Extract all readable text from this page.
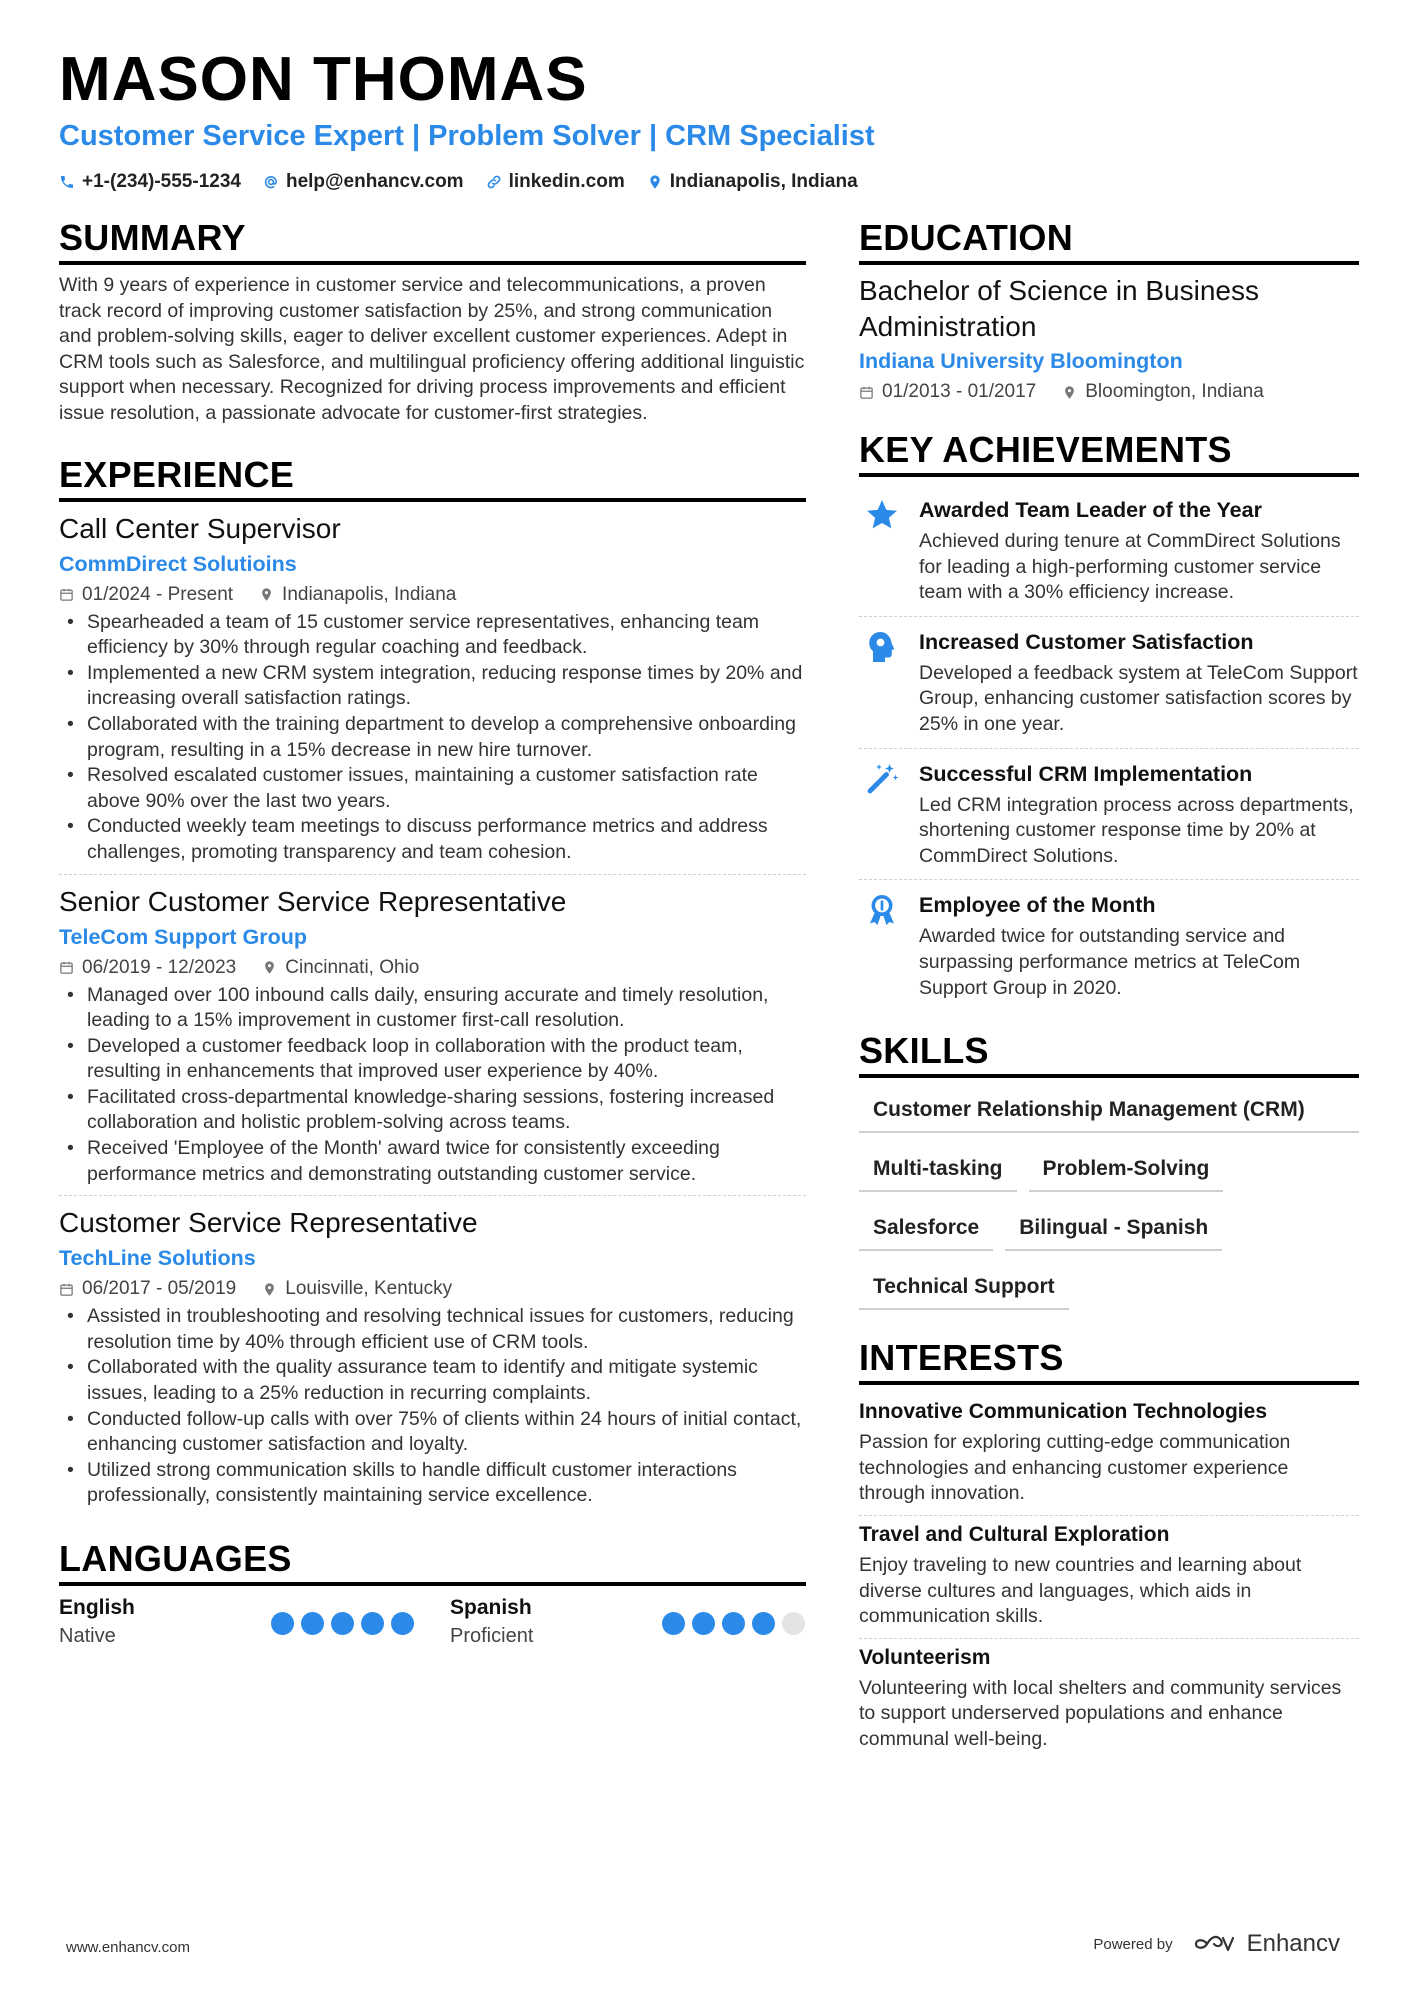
MASON THOMAS
Customer Service Expert | Problem Solver | CRM Specialist
+1-(234)-555-1234 help@enhancv.com linkedin.com Indianapolis, Indiana
SUMMARY

With 9 years of experience in customer service and telecommunications, a proven track record of improving customer satisfaction by 25%, and strong communication and problem-solving skills, eager to deliver excellent customer experiences. Adept in CRM tools such as Salesforce, and multilingual proficiency offering additional linguistic support when necessary. Recognized for driving process improvements and efficient issue resolution, a passionate advocate for customer-first strategies.

EXPERIENCE
Call Center Supervisor
CommDirect Solutioins
01/2024 - Present	Indianapolis, Indiana
• Spearheaded a team of 15 customer service representatives, enhancing team efficiency by 30% through regular coaching and feedback.
• Implemented a new CRM system integration, reducing response times by 20% and increasing overall satisfaction ratings.
• Collaborated with the training department to develop a comprehensive onboarding program, resulting in a 15% decrease in new hire turnover.
• Resolved escalated customer issues, maintaining a customer satisfaction rate above 90% over the last two years.
• Conducted weekly team meetings to discuss performance metrics and address challenges, promoting transparency and team cohesion.
Senior Customer Service Representative
TeleCom Support Group
06/2019 - 12/2023	Cincinnati, Ohio
• Managed over 100 inbound calls daily, ensuring accurate and timely resolution, leading to a 15% improvement in customer first-call resolution.
• Developed a customer feedback loop in collaboration with the product team, resulting in enhancements that improved user experience by 40%.
• Facilitated cross-departmental knowledge-sharing sessions, fostering increased collaboration and holistic problem-solving across teams.
• Received 'Employee of the Month' award twice for consistently exceeding performance metrics and demonstrating outstanding customer service.
Customer Service Representative
TechLine Solutions
06/2017 - 05/2019	Louisville, Kentucky
• Assisted in troubleshooting and resolving technical issues for customers, reducing resolution time by 40% through efficient use of CRM tools.
• Collaborated with the quality assurance team to identify and mitigate systemic issues, leading to a 25% reduction in recurring complaints.
• Conducted follow-up calls with over 75% of clients within 24 hours of initial contact, enhancing customer satisfaction and loyalty.
• Utilized strong communication skills to handle difficult customer interactions professionally, consistently maintaining service excellence.
LANGUAGES
English
Native
Spanish
Proficient
EDUCATION
Bachelor of Science in Business Administration
Indiana University Bloomington
01/2013 - 01/2017	Bloomington, Indiana
KEY ACHIEVEMENTS
Awarded Team Leader of the Year
Achieved during tenure at CommDirect Solutions for leading a high-performing customer service team with a 30% efficiency increase.
Increased Customer Satisfaction
Developed a feedback system at TeleCom Support Group, enhancing customer satisfaction scores by 25% in one year.
Successful CRM Implementation
Led CRM integration process across departments, shortening customer response time by 20% at CommDirect Solutions.
Employee of the Month
Awarded twice for outstanding service and surpassing performance metrics at TeleCom Support Group in 2020.
SKILLS
Customer Relationship Management (CRM)
Multi-tasking	Problem-Solving
Salesforce	Bilingual - Spanish
Technical Support
INTERESTS
Innovative Communication Technologies
Passion for exploring cutting-edge communication technologies and enhancing customer experience through innovation.
Travel and Cultural Exploration
Enjoy traveling to new countries and learning about diverse cultures and languages, which aids in communication skills.
Volunteerism
Volunteering with local shelters and community services to support underserved populations and enhance communal well-being.
www.enhancv.com	Powered by	Enhancv
